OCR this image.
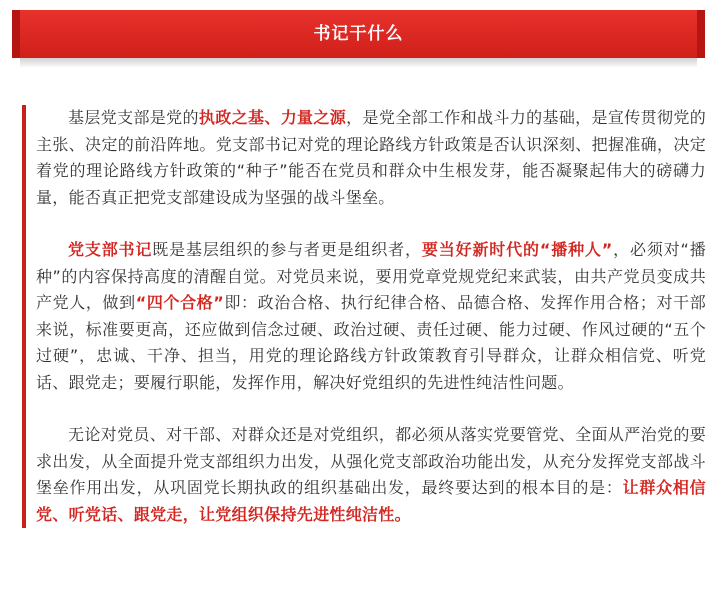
书记干什么

基层党支部是党的执政之基、力量之源，是党全部工作和战斗力的基础，是宣传贯彻党的主张、决定的前沿阵地。党支部书记对党的理论路线方针政策是否认识深刻、把握准确，决定着党的理论路线方针政策的“种子”能否在党员和群众中生根发芽，能否凝聚起伟大的磅礴力量，能否真正把党支部建设成为坚强的战斗堡垒。

党支部书记既是基层组织的参与者更是组织者，要当好新时代的“播种人”，必须对“播种”的内容保持高度的清醒自觉。对党员来说，要用党章党规党纪来武装，由共产党员变成共产党人，做到“四个合格”即：政治合格、执行纪律合格、品德合格、发挥作用合格；对干部来说，标准要更高，还应做到信念过硬、政治过硬、责任过硬、能力过硬、作风过硬的“五个过硬”，忠诚、干净、担当，用党的理论路线方针政策教育引导群众，让群众相信党、听党话、跟党走；要履行职能，发挥作用，解决好党组织的先进性纯洁性问题。

无论对党员、对干部、对群众还是对党组织，都必须从落实党要管党、全面从严治党的要求出发，从全面提升党支部组织力出发，从强化党支部政治功能出发，从充分发挥党支部战斗堡垒作用出发，从巩固党长期执政的组织基础出发，最终要达到的根本目的是：让群众相信党、听党话、跟党走，让党组织保持先进性纯洁性。
